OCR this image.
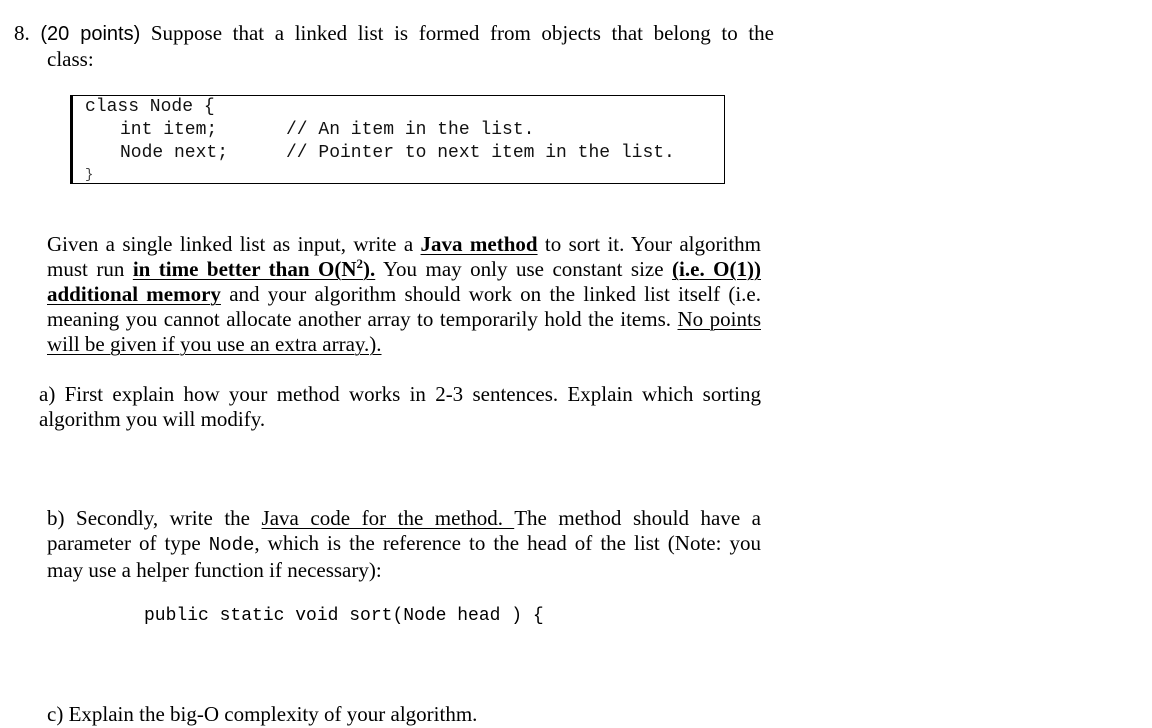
8. (20 points) Suppose that a linked list is formed from objects that belong to the
class:
class Node {
int item;	// An item in the list.
Node next;	// Pointer to next item in the list.
}
Given a single linked list as input, write a Java method to sort it. Your algorithm
must run in time better than $O(N^2)$. You may only use constant size (i.e. O(1))
additional memory and your algorithm should work on the linked list itself (i.e.
meaning you cannot allocate another array to temporarily hold the items. No points
will be given if you use an extra array.).
a) First explain how your method works in 2-3 sentences. Explain which sorting
algorithm you will modify.
b) Secondly, write the Java code for the method. The method should have a
parameter of type Node, which is the reference to the head of the list (Note: you
may use a helper function if necessary):
public static void sort(Node head ) {
c) Explain the big-O complexity of your algorithm.
